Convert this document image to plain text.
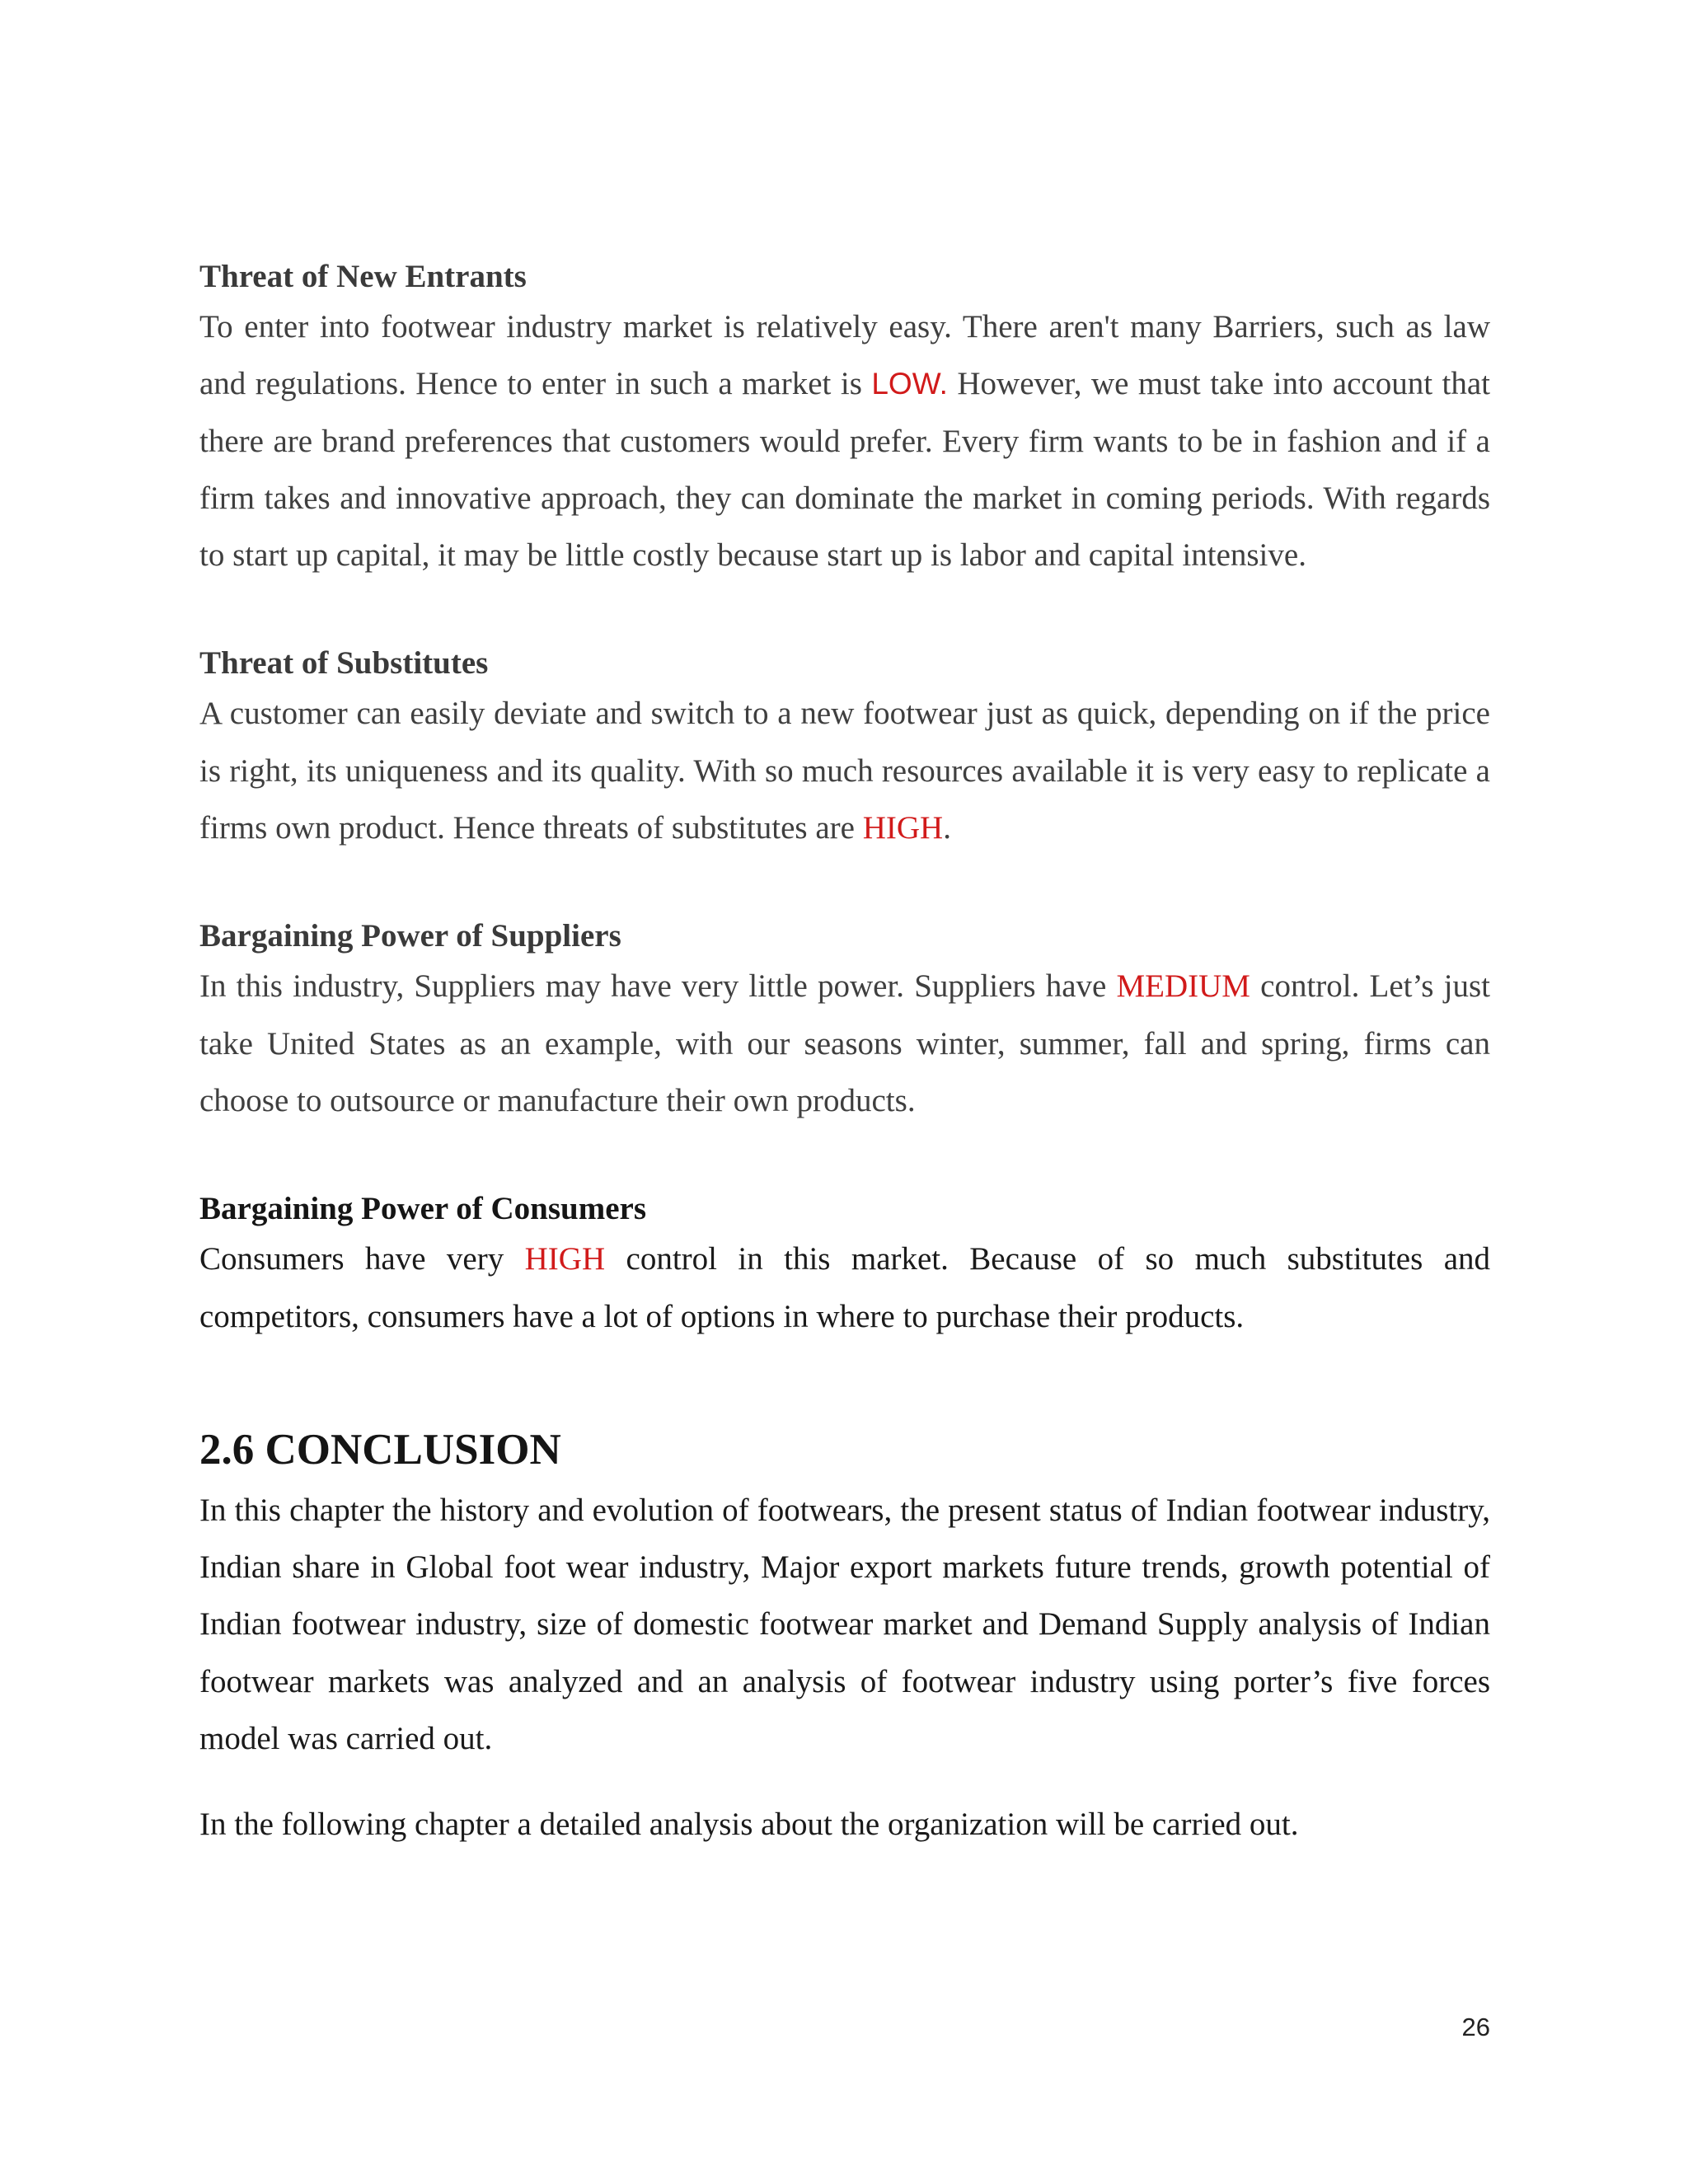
Threat of New Entrants

To enter into footwear industry market is relatively easy. There aren't many Barriers, such as law and regulations. Hence to enter in such a market is LOW. However, we must take into account that there are brand preferences that customers would prefer. Every firm wants to be in fashion and if a firm takes and innovative approach, they can dominate the market in coming periods. With regards to start up capital, it may be little costly because start up is labor and capital intensive.

Threat of Substitutes

A customer can easily deviate and switch to a new footwear just as quick, depending on if the price is right, its uniqueness and its quality. With so much resources available it is very easy to replicate a firms own product. Hence threats of substitutes are HIGH.

Bargaining Power of Suppliers

In this industry, Suppliers may have very little power. Suppliers have MEDIUM control. Let’s just take United States as an example, with our seasons winter, summer, fall and spring, firms can choose to outsource or manufacture their own products.

Bargaining Power of Consumers

Consumers have very HIGH control in this market. Because of so much substitutes and competitors, consumers have a lot of options in where to purchase their products.

2.6 CONCLUSION

In this chapter the history and evolution of footwears, the present status of Indian footwear industry, Indian share in Global foot wear industry, Major export markets future trends, growth potential of Indian footwear industry, size of domestic footwear market and Demand Supply analysis of Indian footwear markets was analyzed and an analysis of footwear industry using porter’s five forces model was carried out.

In the following chapter a detailed analysis about the organization will be carried out.

26
